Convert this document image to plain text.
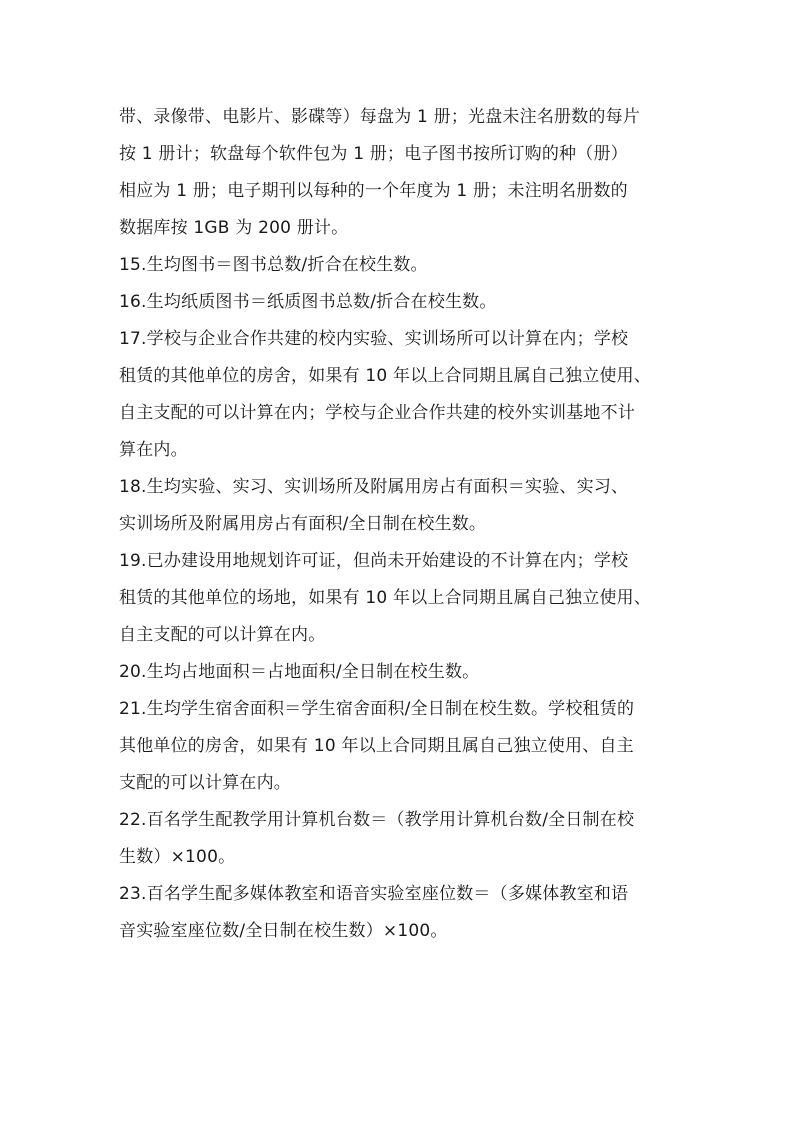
带、录像带、电影片、影碟等）每盘为 1 册；光盘未注名册数的每片
按 1 册计；软盘每个软件包为 1 册；电子图书按所订购的种（册）
相应为 1 册；电子期刊以每种的一个年度为 1 册；未注明名册数的
数据库按 1GB 为 200 册计。
15.生均图书＝图书总数/折合在校生数。
16.生均纸质图书＝纸质图书总数/折合在校生数。
17.学校与企业合作共建的校内实验、实训场所可以计算在内；学校
租赁的其他单位的房舍，如果有 10 年以上合同期且属自己独立使用、
自主支配的可以计算在内；学校与企业合作共建的校外实训基地不计
算在内。
18.生均实验、实习、实训场所及附属用房占有面积＝实验、实习、
实训场所及附属用房占有面积/全日制在校生数。
19.已办建设用地规划许可证，但尚未开始建设的不计算在内；学校
租赁的其他单位的场地，如果有 10 年以上合同期且属自己独立使用、
自主支配的可以计算在内。
20.生均占地面积＝占地面积/全日制在校生数。
21.生均学生宿舍面积＝学生宿舍面积/全日制在校生数。学校租赁的
其他单位的房舍，如果有 10 年以上合同期且属自己独立使用、自主
支配的可以计算在内。
22.百名学生配教学用计算机台数＝（教学用计算机台数/全日制在校
生数）×100。
23.百名学生配多媒体教室和语音实验室座位数＝（多媒体教室和语
音实验室座位数/全日制在校生数）×100。
